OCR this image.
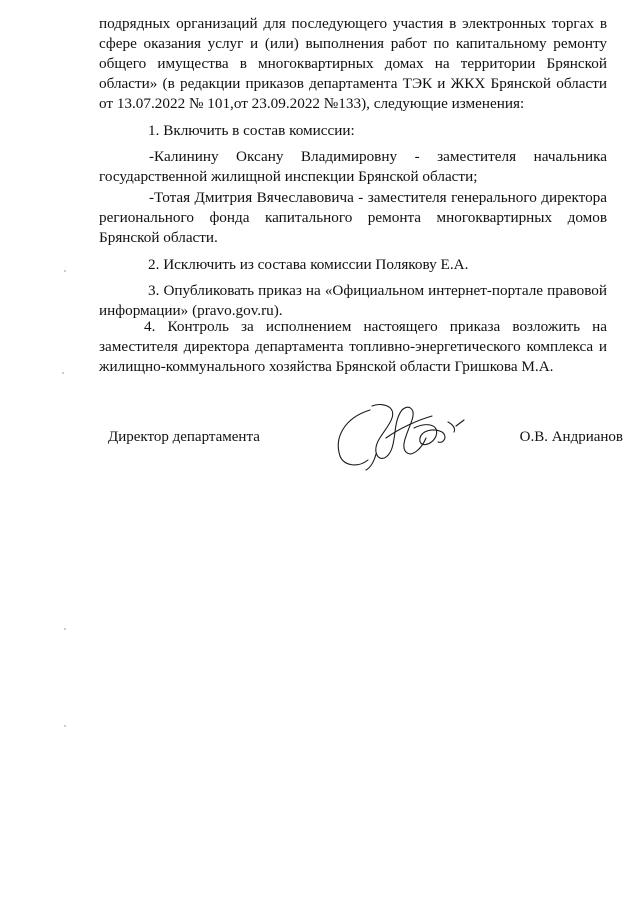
подрядных организаций для последующего участия в электронных торгах в сфере оказания услуг и (или) выполнения работ по капитальному ремонту общего имущества в многоквартирных домах на территории Брянской области» (в редакции приказов департамента ТЭК и ЖКХ Брянской области от 13.07.2022 № 101,от 23.09.2022 №133), следующие изменения:

1. Включить в состав комиссии:

-Калинину Оксану Владимировну - заместителя начальника государственной жилищной инспекции Брянской области;

-Тотая Дмитрия Вячеславовича - заместителя генерального директора регионального фонда капитального ремонта многоквартирных домов Брянской области.

2. Исключить из состава комиссии Полякову Е.А.

3. Опубликовать приказ на «Официальном интернет-портале правовой информации» (pravo.gov.ru).

4. Контроль за исполнением настоящего приказа возложить на заместителя директора департамента топливно-энергетического комплекса и жилищно-коммунального хозяйства Брянской области Гришкова М.А.

Директор департамента	О.В. Андрианов
